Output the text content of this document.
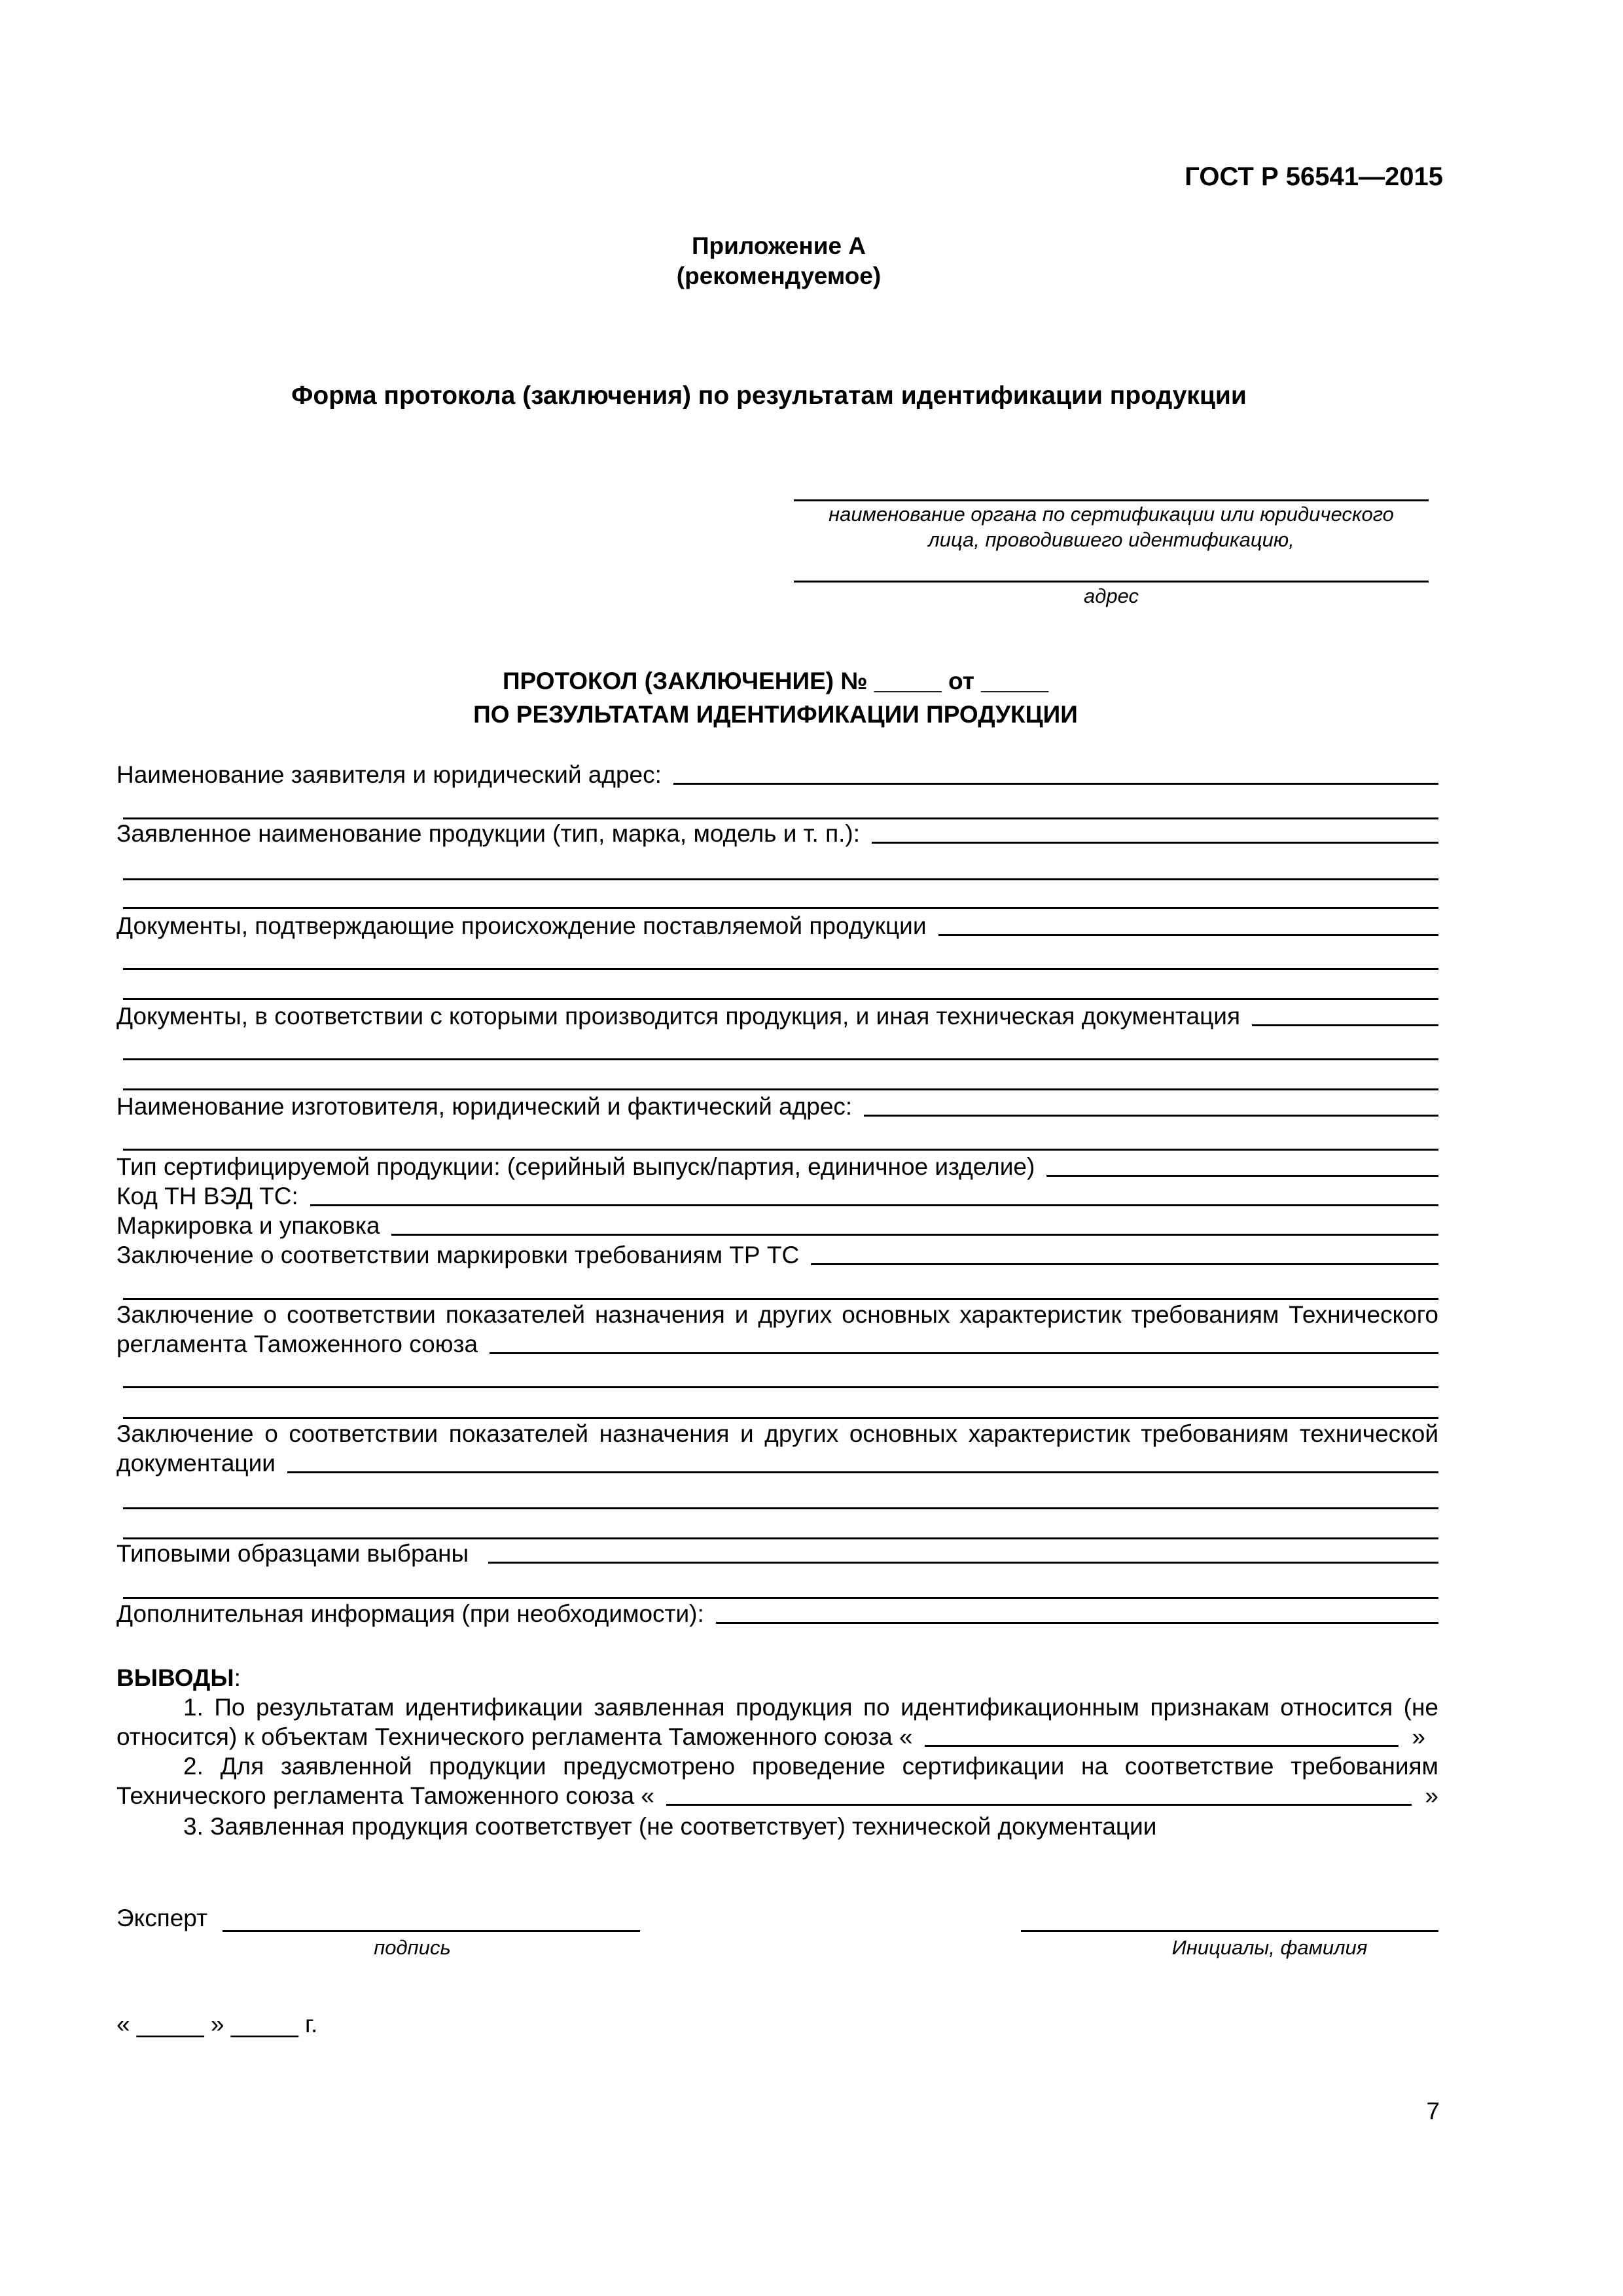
ГОСТ Р 56541—2015
Приложение А
(рекомендуемое)
Форма протокола (заключения) по результатам идентификации продукции
наименование органа по сертификации или юридического
лица, проводившего идентификацию,
адрес
ПРОТОКОЛ (ЗАКЛЮЧЕНИЕ) № _____ от _____
ПО РЕЗУЛЬТАТАМ ИДЕНТИФИКАЦИИ ПРОДУКЦИИ
Наименование заявителя и юридический адрес:
Заявленное наименование продукции (тип, марка, модель и т. п.):
Документы, подтверждающие происхождение поставляемой продукции
Документы, в соответствии с которыми производится продукция, и иная техническая документация
Наименование изготовителя, юридический и фактический адрес:
Тип сертифицируемой продукции: (серийный выпуск/партия, единичное изделие)
Код ТН ВЭД ТС:
Маркировка и упаковка
Заключение о соответствии маркировки требованиям ТР ТС
Заключение о соответствии показателей назначения и других основных характеристик требованиям Технического
регламента Таможенного союза
Заключение о соответствии показателей назначения и других основных характеристик требованиям технической
документации
Типовыми образцами выбраны
Дополнительная информация (при необходимости):
ВЫВОДЫ:
1. По результатам идентификации заявленная продукция по идентификационным признакам относится (не
относится) к объектам Технического регламента Таможенного союза «	»
2. Для заявленной продукции предусмотрено проведение сертификации на соответствие требованиям
Технического регламента Таможенного союза «	»
3. Заявленная продукция соответствует (не соответствует) технической документации
Эксперт
подпись	Инициалы, фамилия
« _____ » _____ г.
7
